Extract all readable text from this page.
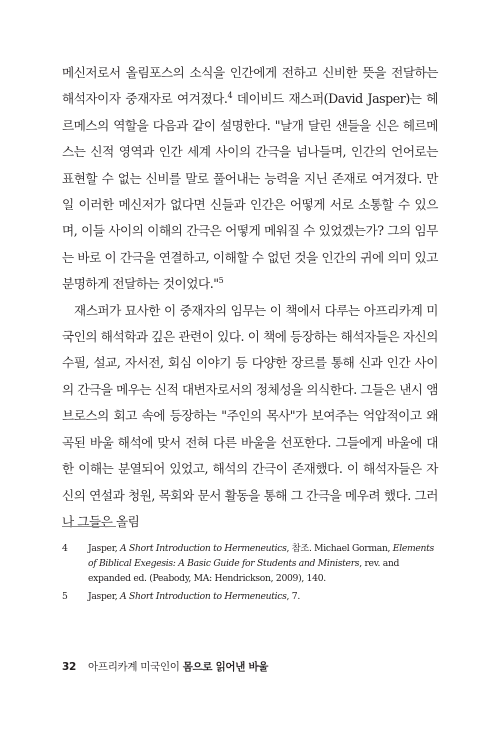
메신저로서 올림포스의 소식을 인간에게 전하고 신비한 뜻을 전달하는 해석자이자 중재자로 여겨졌다.$^4$ 데이비드 재스퍼(David Jasper)는 헤르메스의 역할을 다음과 같이 설명한다. "날개 달린 샌들을 신은 헤르메스는 신적 영역과 인간 세계 사이의 간극을 넘나들며, 인간의 언어로는 표현할 수 없는 신비를 말로 풀어내는 능력을 지닌 존재로 여겨졌다. 만일 이러한 메신저가 없다면 신들과 인간은 어떻게 서로 소통할 수 있으며, 이들 사이의 이해의 간극은 어떻게 메워질 수 있었겠는가? 그의 임무는 바로 이 간극을 연결하고, 이해할 수 없던 것을 인간의 귀에 의미 있고 분명하게 전달하는 것이었다."$^5$

재스퍼가 묘사한 이 중재자의 임무는 이 책에서 다루는 아프리카계 미국인의 해석학과 깊은 관련이 있다. 이 책에 등장하는 해석자들은 자신의 수필, 설교, 자서전, 회심 이야기 등 다양한 장르를 통해 신과 인간 사이의 간극을 메우는 신적 대변자로서의 정체성을 의식한다. 그들은 낸시 앰브로스의 회고 속에 등장하는 "주인의 목사"가 보여주는 억압적이고 왜곡된 바울 해석에 맞서 전혀 다른 바울을 선포한다. 그들에게 바울에 대한 이해는 분열되어 있었고, 해석의 간극이 존재했다. 이 해석자들은 자신의 연설과 청원, 목회와 문서 활동을 통해 그 간극을 메우려 했다. 그러나 그들은 올림

4	Jasper, A Short Introduction to Hermeneutics, 참조. Michael Gorman, Elements of Biblical Exegesis: A Basic Guide for Students and Ministers, rev. and expanded ed. (Peabody, MA: Hendrickson, 2009), 140.
5	Jasper, A Short Introduction to Hermeneutics, 7.
32 아프리카계 미국인이 몸으로 읽어낸 바울
